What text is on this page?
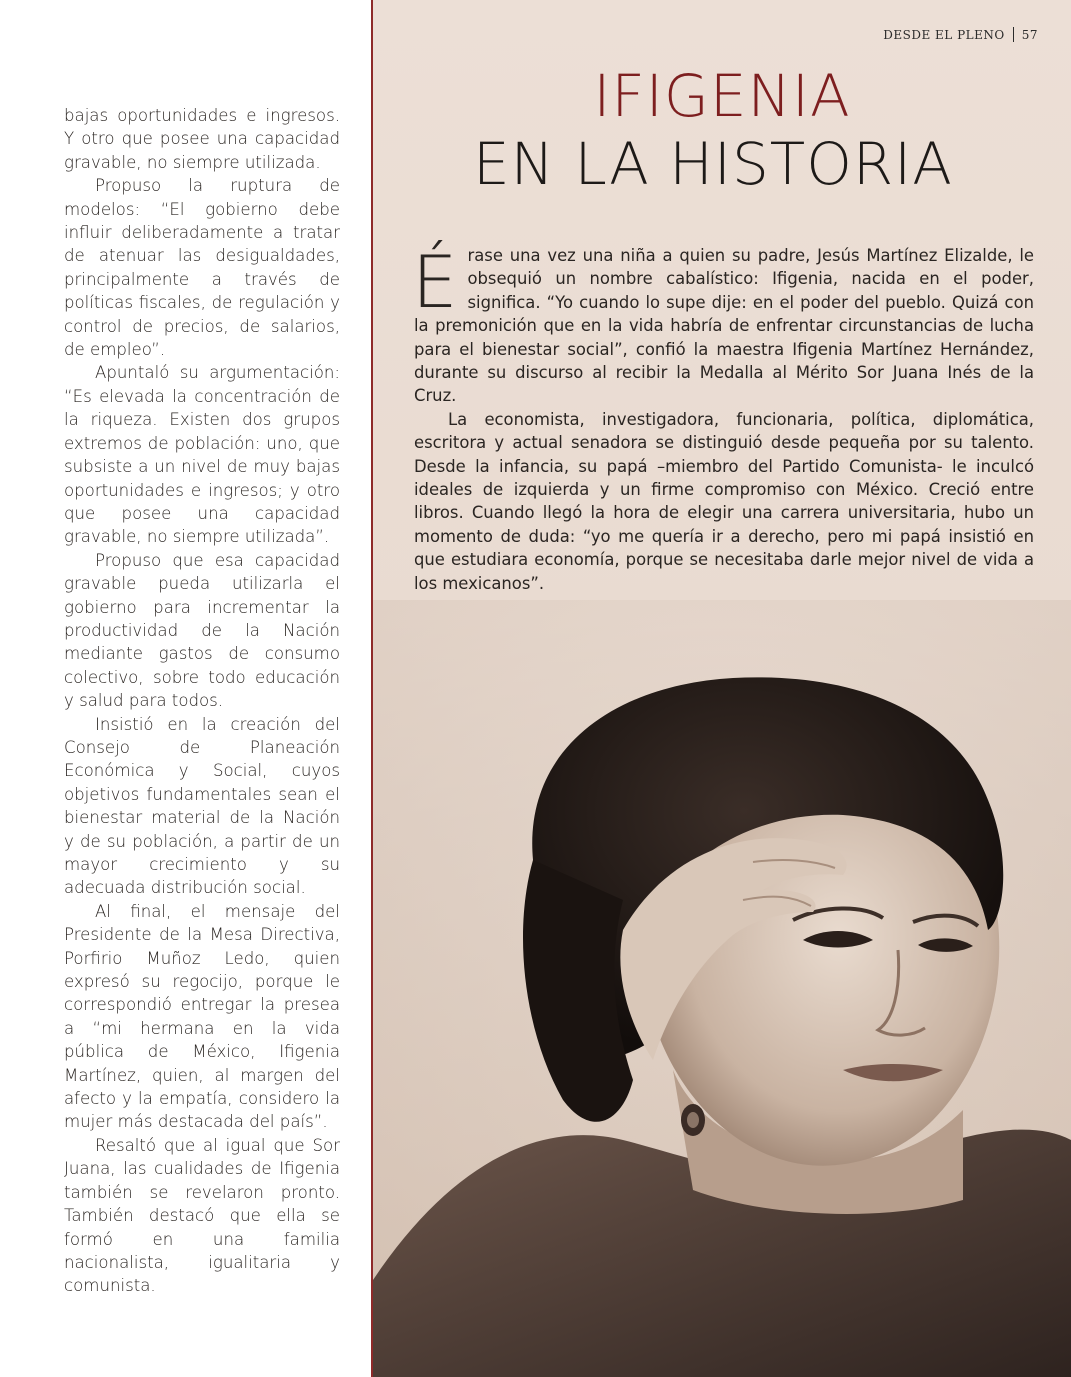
bajas oportunidades e ingresos. Y otro que posee una capacidad gravable, no siempre utilizada.

Propuso la ruptura de modelos: “El gobierno debe influir deliberadamente a tratar de atenuar las desigualdades, principalmente a través de políticas fiscales, de regulación y control de precios, de salarios, de empleo”.

Apuntaló su argumentación: “Es elevada la concentración de la riqueza. Existen dos grupos extremos de población: uno, que subsiste a un nivel de muy bajas oportunidades e ingresos; y otro que posee una capacidad gravable, no siempre utilizada”.

Propuso que esa capacidad gravable pueda utilizarla el gobierno para incrementar la productividad de la Nación mediante gastos de consumo colectivo, sobre todo educación y salud para todos.

Insistió en la creación del Consejo de Planeación Económica y Social, cuyos objetivos fundamentales sean el bienestar material de la Nación y de su población, a partir de un mayor crecimiento y su adecuada distribución social.

Al final, el mensaje del Presidente de la Mesa Directiva, Porfirio Muñoz Ledo, quien expresó su regocijo, porque le correspondió entregar la presea a “mi hermana en la vida pública de México, Ifigenia Martínez, quien, al margen del afecto y la empatía, considero la mujer más destacada del país”.

Resaltó que al igual que Sor Juana, las cualidades de Ifigenia también se revelaron pronto. También destacó que ella se formó en una familia nacionalista, igualitaria y comunista.

DESDE EL PLENO 57
IFIGENIA
EN LA HISTORIA

Érase una vez una niña a quien su padre, Jesús Martínez Elizalde, le obsequió un nombre cabalístico: Ifigenia, nacida en el poder, significa. “Yo cuando lo supe dije: en el poder del pueblo. Quizá con la premonición que en la vida habría de enfrentar circunstancias de lucha para el bienestar social”, confió la maestra Ifigenia Martínez Hernández, durante su discurso al recibir la Medalla al Mérito Sor Juana Inés de la Cruz.

La economista, investigadora, funcionaria, política, diplomática, escritora y actual senadora se distinguió desde pequeña por su talento. Desde la infancia, su papá –miembro del Partido Comunista- le inculcó ideales de izquierda y un firme compromiso con México. Creció entre libros. Cuando llegó la hora de elegir una carrera universitaria, hubo un momento de duda: “yo me quería ir a derecho, pero mi papá insistió en que estudiara economía, porque se necesitaba darle mejor nivel de vida a los mexicanos”.
